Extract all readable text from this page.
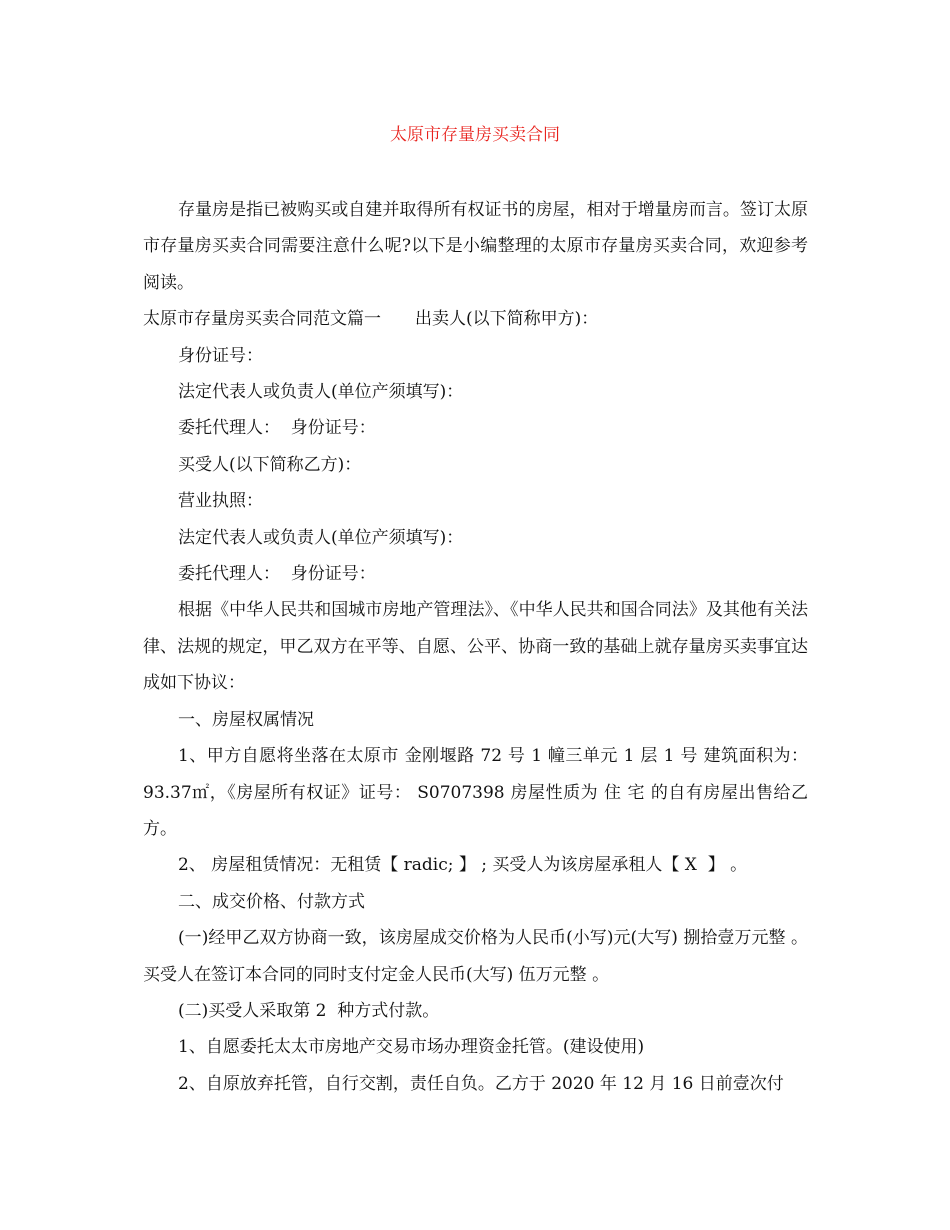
太原市存量房买卖合同

存量房是指已被购买或自建并取得所有权证书的房屋，相对于增量房而言。签订太原市存量房买卖合同需要注意什么呢?以下是小编整理的太原市存量房买卖合同，欢迎参考阅读。

太原市存量房买卖合同范文篇一　　出卖人(以下简称甲方)：

身份证号：

法定代表人或负责人(单位产须填写)：

委托代理人：  身份证号：

买受人(以下简称乙方)：

营业执照：

法定代表人或负责人(单位产须填写)：

委托代理人：  身份证号：

根据《中华人民共和国城市房地产管理法》、《中华人民共和国合同法》及其他有关法律、法规的规定，甲乙双方在平等、自愿、公平、协商一致的基础上就存量房买卖事宜达成如下协议：

一、房屋权属情况

1、甲方自愿将坐落在太原市 金刚堰路 72 号 1 幢三单元 1 层 1 号 建筑面积为：93.37㎡，《房屋所有权证》证号： S0707398 房屋性质为 住 宅 的自有房屋出售给乙方。

2、 房屋租赁情况：无租赁【 radic; 】 ; 买受人为该房屋承租人【 X  】 。

二、成交价格、付款方式

(一)经甲乙双方协商一致，该房屋成交价格为人民币(小写)元(大写) 捌拾壹万元整 。买受人在签订本合同的同时支付定金人民币(大写) 伍万元整 。

(二)买受人采取第 2  种方式付款。

1、自愿委托太太市房地产交易市场办理资金托管。(建设使用)

2、自原放弃托管，自行交割，责任自负。乙方于 2020 年 12 月 16 日前壹次付
